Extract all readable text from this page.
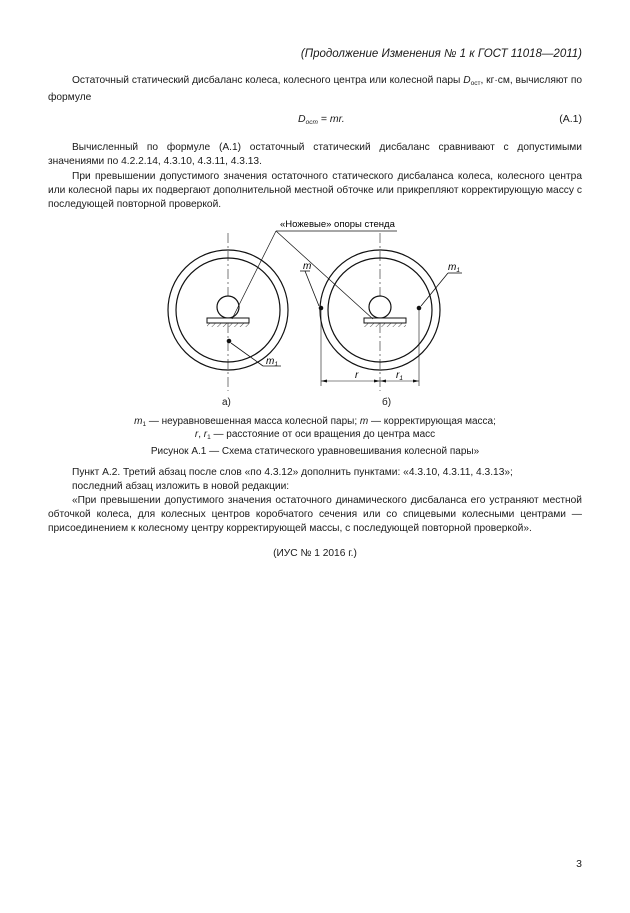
(Продолжение Изменения № 1 к ГОСТ 11018—2011)
Остаточный статический дисбаланс колеса, колесного центра или колесной пары $D_{ост}$, кг·см, вычисляют по формуле
$D_{ост}$ = mr.	(А.1)
Вычисленный по формуле (А.1) остаточный статический дисбаланс сравнивают с допустимыми значениями по 4.2.2.14, 4.3.10, 4.3.11, 4.3.13.
При превышении допустимого значения остаточного статического дисбаланса колеса, колесного центра или колесной пары их подвергают дополнительной местной обточке или прикрепляют корректирующую массу с последующей повторной проверкой.
$m_1$
m	$m_1$
r	$r_1$
«Ножевые» опоры стенда
а)	б)
$m_1$ — неуравновешенная масса колесной пары; m — корректирующая масса;
r, $r_1$ — расстояние от оси вращения до центра масс
Рисунок А.1 — Схема статического уравновешивания колесной пары»
Пункт А.2. Третий абзац после слов «по 4.3.12» дополнить пунктами: «4.3.10, 4.3.11, 4.3.13»;
последний абзац изложить в новой редакции:
«При превышении допустимого значения остаточного динамического дисбаланса его устраняют местной обточкой колеса, для колесных центров коробчатого сечения или со спицевыми колесными центрами — присоединением к колесному центру корректирующей массы, с последующей повторной проверкой».
(ИУС № 1 2016 г.)
3
